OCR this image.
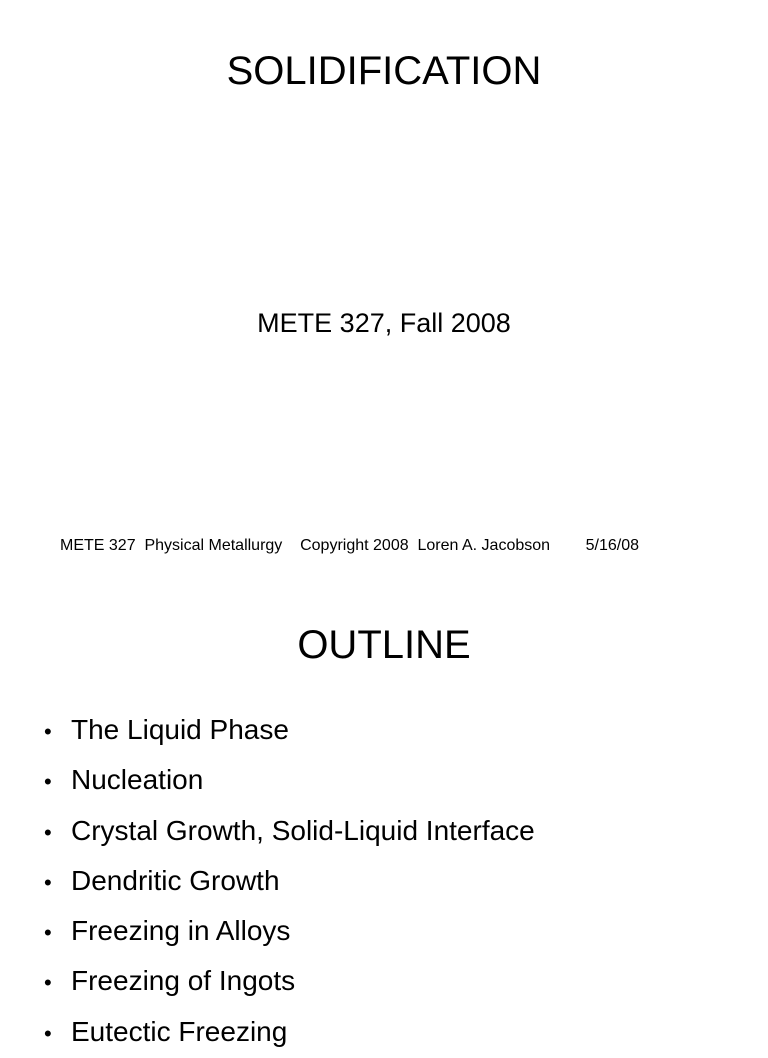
SOLIDIFICATION
METE 327, Fall 2008
METE 327  Physical Metallurgy Copyright 2008  Loren A. Jacobson 5/16/08
OUTLINE
• The Liquid Phase
• Nucleation
• Crystal Growth, Solid-Liquid Interface
• Dendritic Growth
• Freezing in Alloys
• Freezing of Ingots
• Eutectic Freezing
